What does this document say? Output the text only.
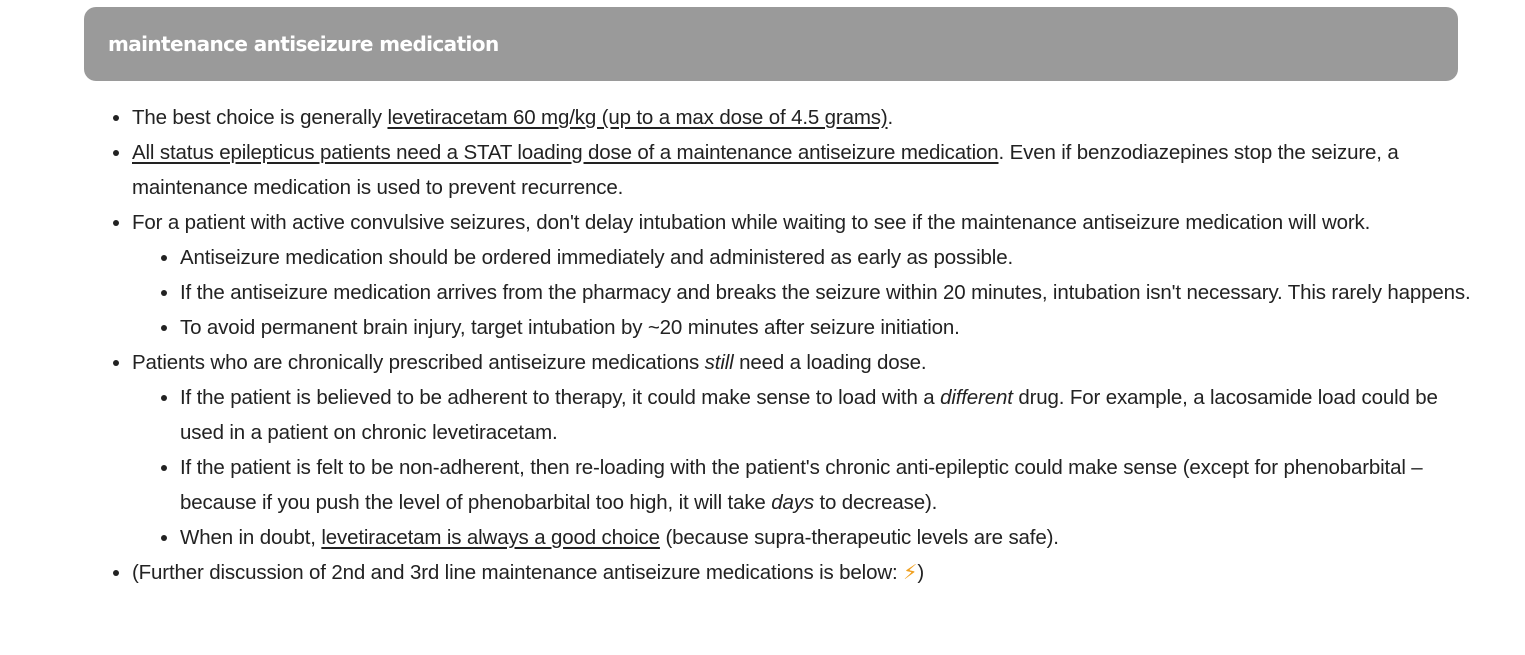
maintenance antiseizure medication
• The best choice is generally levetiracetam 60 mg/kg (up to a max dose of 4.5 grams).
• All status epilepticus patients need a STAT loading dose of a maintenance antiseizure medication. Even if benzodiazepines stop the seizure, a maintenance medication is used to prevent recurrence.
• For a patient with active convulsive seizures, don't delay intubation while waiting to see if the maintenance antiseizure medication will work.
• Antiseizure medication should be ordered immediately and administered as early as possible.
• If the antiseizure medication arrives from the pharmacy and breaks the seizure within 20 minutes, intubation isn't necessary. This rarely happens.
• To avoid permanent brain injury, target intubation by ~20 minutes after seizure initiation.
• Patients who are chronically prescribed antiseizure medications still need a loading dose.
• If the patient is believed to be adherent to therapy, it could make sense to load with a different drug. For example, a lacosamide load could be used in a patient on chronic levetiracetam.
• If the patient is felt to be non-adherent, then re-loading with the patient's chronic anti-epileptic could make sense (except for phenobarbital – because if you push the level of phenobarbital too high, it will take days to decrease).
• When in doubt, levetiracetam is always a good choice (because supra-therapeutic levels are safe).
• (Further discussion of 2nd and 3rd line maintenance antiseizure medications is below: ⚡)
